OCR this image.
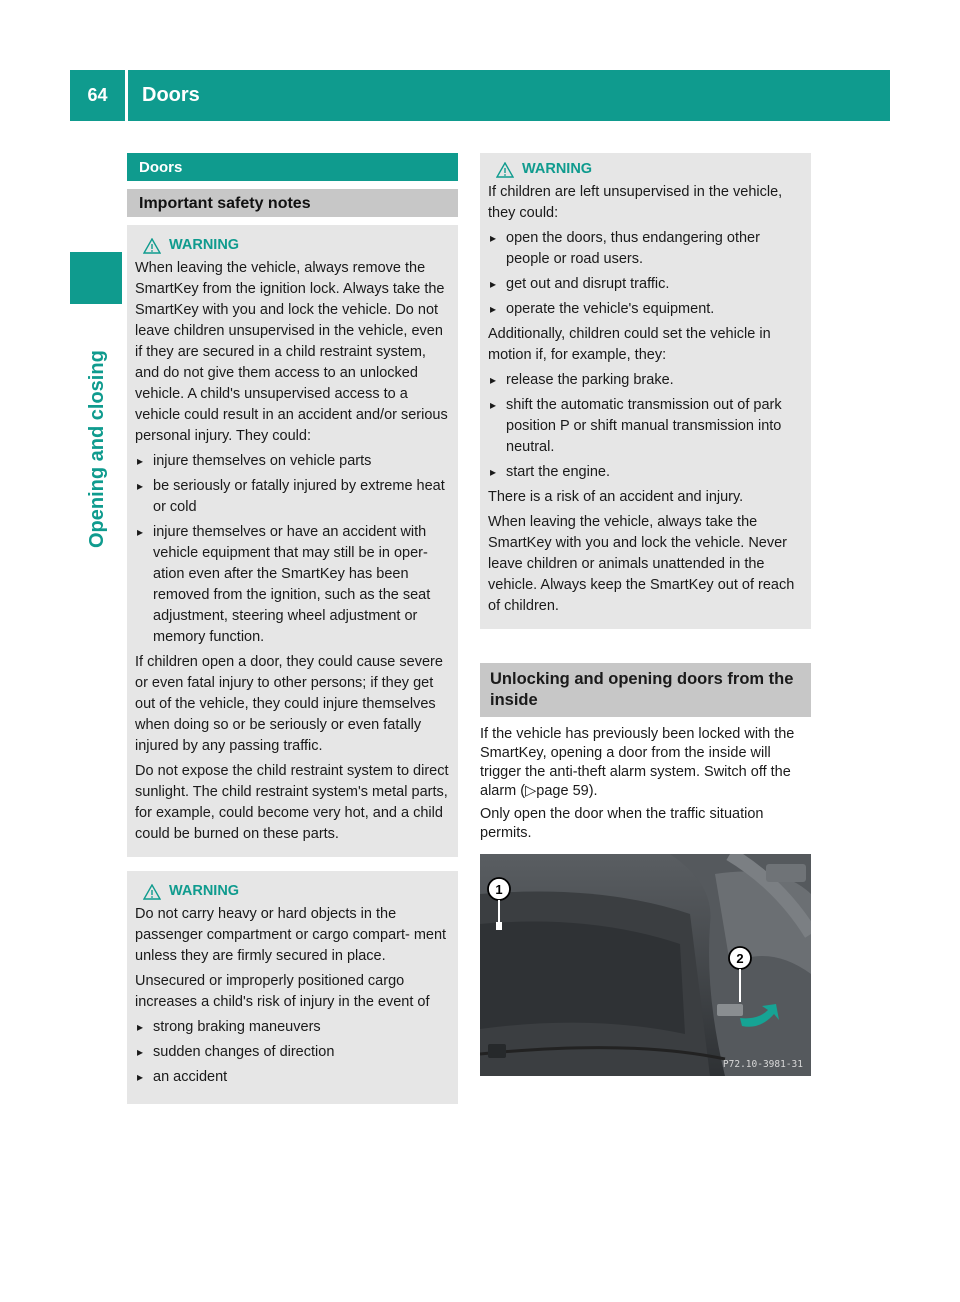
64	Doors
Opening and closing
Doors
Important safety notes
WARNING

When leaving the vehicle, always remove the SmartKey from the ignition lock. Always take the SmartKey with you and lock the vehicle. Do not leave children unsupervised in the vehicle, even if they are secured in a child restraint system, and do not give them access to an unlocked vehicle. A child's unsupervised access to a vehicle could result in an accident and/or serious personal injury. They could:

▸ injure themselves on vehicle parts
▸ be seriously or fatally injured by extreme heat or cold
▸ injure themselves or have an accident with vehicle equipment that may still be in oper- ation even after the SmartKey has been removed from the ignition, such as the seat adjustment, steering wheel adjustment or memory function.

If children open a door, they could cause severe or even fatal injury to other persons; if they get out of the vehicle, they could injure themselves when doing so or be seriously or even fatally injured by any passing traffic.

Do not expose the child restraint system to direct sunlight. The child restraint system's metal parts, for example, could become very hot, and a child could be burned on these parts.

WARNING

Do not carry heavy or hard objects in the passenger compartment or cargo compart- ment unless they are firmly secured in place.

Unsecured or improperly positioned cargo increases a child's risk of injury in the event of

▸ strong braking maneuvers
▸ sudden changes of direction
▸ an accident
WARNING

If children are left unsupervised in the vehicle, they could:

▸ open the doors, thus endangering other people or road users.
▸ get out and disrupt traffic.
▸ operate the vehicle's equipment.

Additionally, children could set the vehicle in motion if, for example, they:

▸ release the parking brake.
▸ shift the automatic transmission out of park position P or shift manual transmission into neutral.
▸ start the engine.

There is a risk of an accident and injury.

When leaving the vehicle, always take the SmartKey with you and lock the vehicle. Never leave children or animals unattended in the vehicle. Always keep the SmartKey out of reach of children.

Unlocking and opening doors from the inside

If the vehicle has previously been locked with the SmartKey, opening a door from the inside will trigger the anti-theft alarm system. Switch off the alarm (▷page 59).

Only open the door when the traffic situation permits.

1
2
P72.10-3981-31
